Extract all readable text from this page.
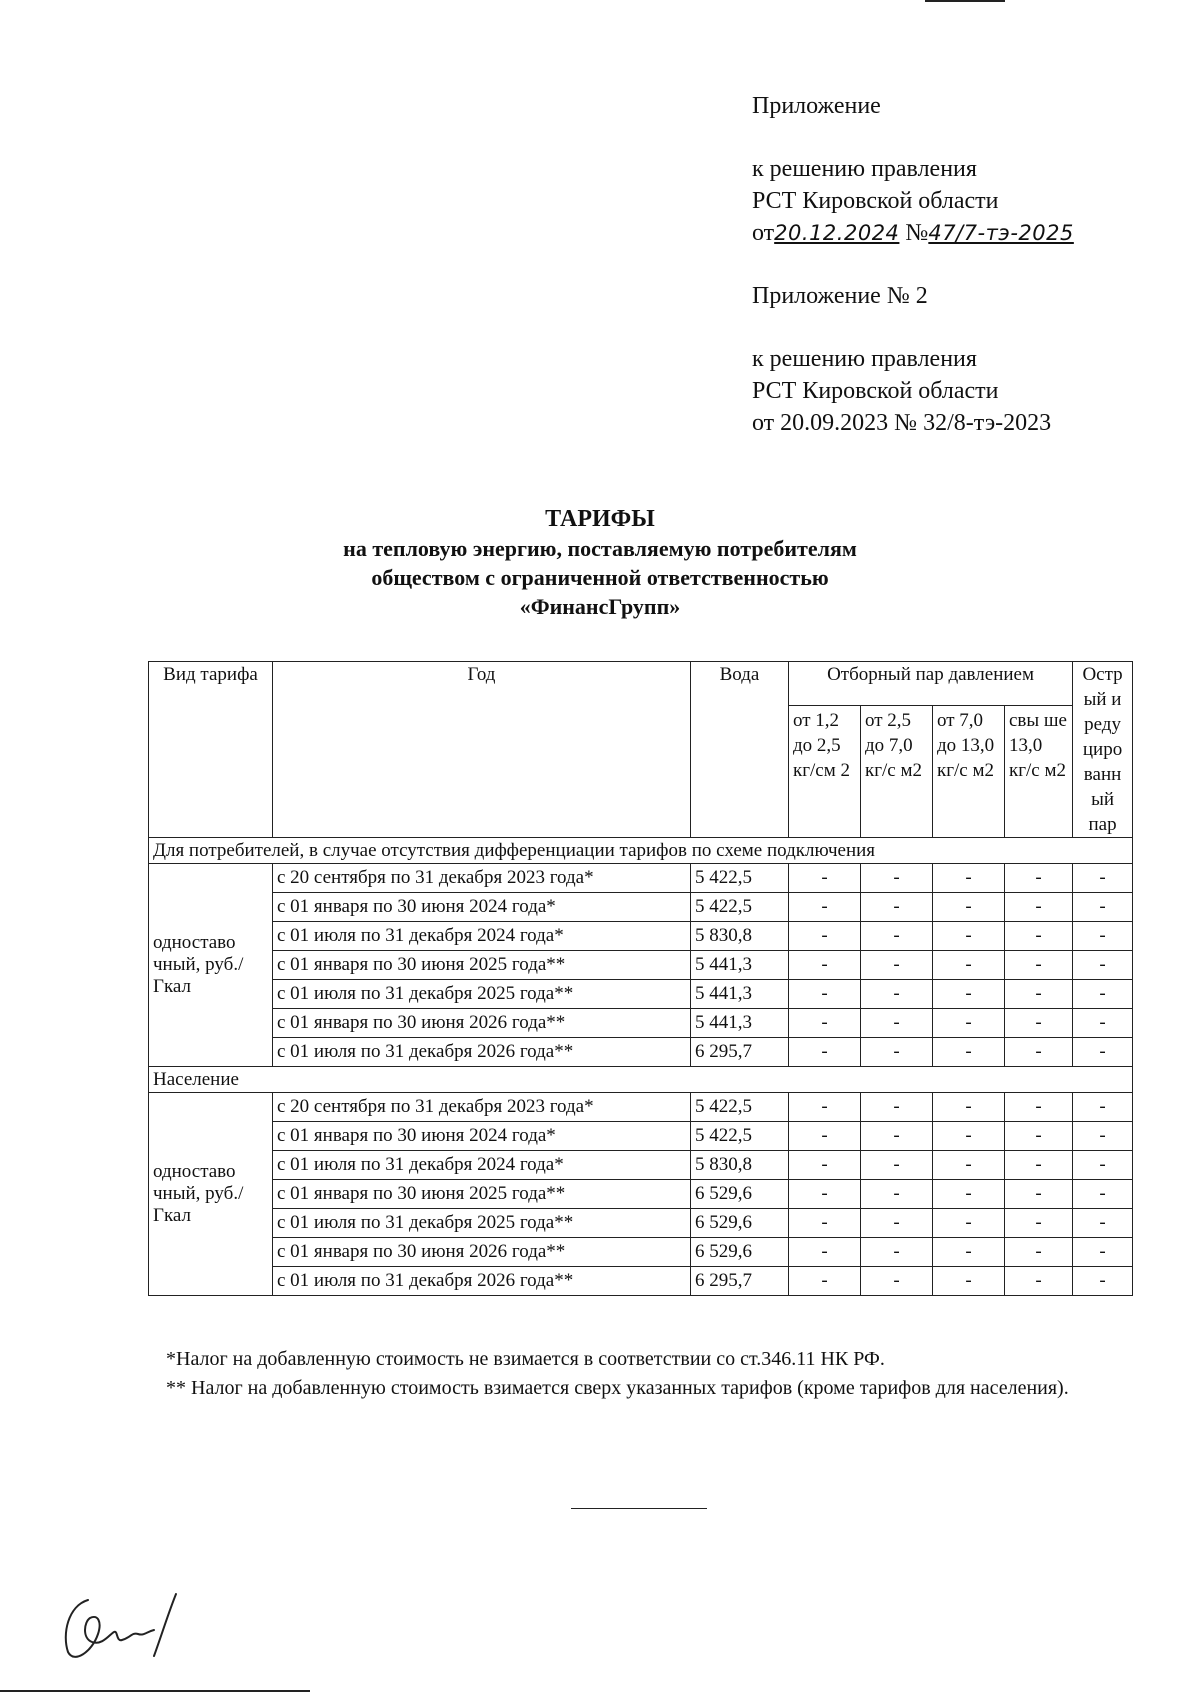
Приложение
к решению правления
РСТ Кировской области
от20.12.2024 №47/7-тэ-2025
Приложение № 2
к решению правления
РСТ Кировской области
от 20.09.2023 № 32/8-тэ-2023
ТАРИФЫ
на тепловую энергию, поставляемую потребителям
обществом с ограниченной ответственностью
«ФинансГрупп»
Вид тарифа	Год	Вода	Отборный пар давлением				Остр ый и реду циро ванн ый пар
			от 1,2 до 2,5 кг/см 2	от 2,5 до 7,0 кг/с м2	от 7,0 до 13,0 кг/с м2	свы ше 13,0 кг/с м2	
Для потребителей, в случае отсутствия дифференциации тарифов по схеме подключения							
одноставо чный, руб./Гкал	с 20 сентября по 31 декабря 2023 года*	5 422,5	-	-	-	-	-
	с 01 января по 30 июня 2024 года*	5 422,5	-	-	-	-	-
	с 01 июля по 31 декабря 2024 года*	5 830,8	-	-	-	-	-
	с 01 января по 30 июня 2025 года**	5 441,3	-	-	-	-	-
	с 01 июля по 31 декабря 2025 года**	5 441,3	-	-	-	-	-
	с 01 января по 30 июня 2026 года**	5 441,3	-	-	-	-	-
	с 01 июля по 31 декабря 2026 года**	6 295,7	-	-	-	-	-
Население							
одноставо чный, руб./Гкал	с 20 сентября по 31 декабря 2023 года*	5 422,5	-	-	-	-	-
	с 01 января по 30 июня 2024 года*	5 422,5	-	-	-	-	-
	с 01 июля по 31 декабря 2024 года*	5 830,8	-	-	-	-	-
	с 01 января по 30 июня 2025 года**	6 529,6	-	-	-	-	-
	с 01 июля по 31 декабря 2025 года**	6 529,6	-	-	-	-	-
	с 01 января по 30 июня 2026 года**	6 529,6	-	-	-	-	-
	с 01 июля по 31 декабря 2026 года**	6 295,7	-	-	-	-	-
*Налог на добавленную стоимость не взимается в соответствии со ст.346.11 НК РФ.
** Налог на добавленную стоимость взимается сверх указанных тарифов (кроме тарифов для населения).
